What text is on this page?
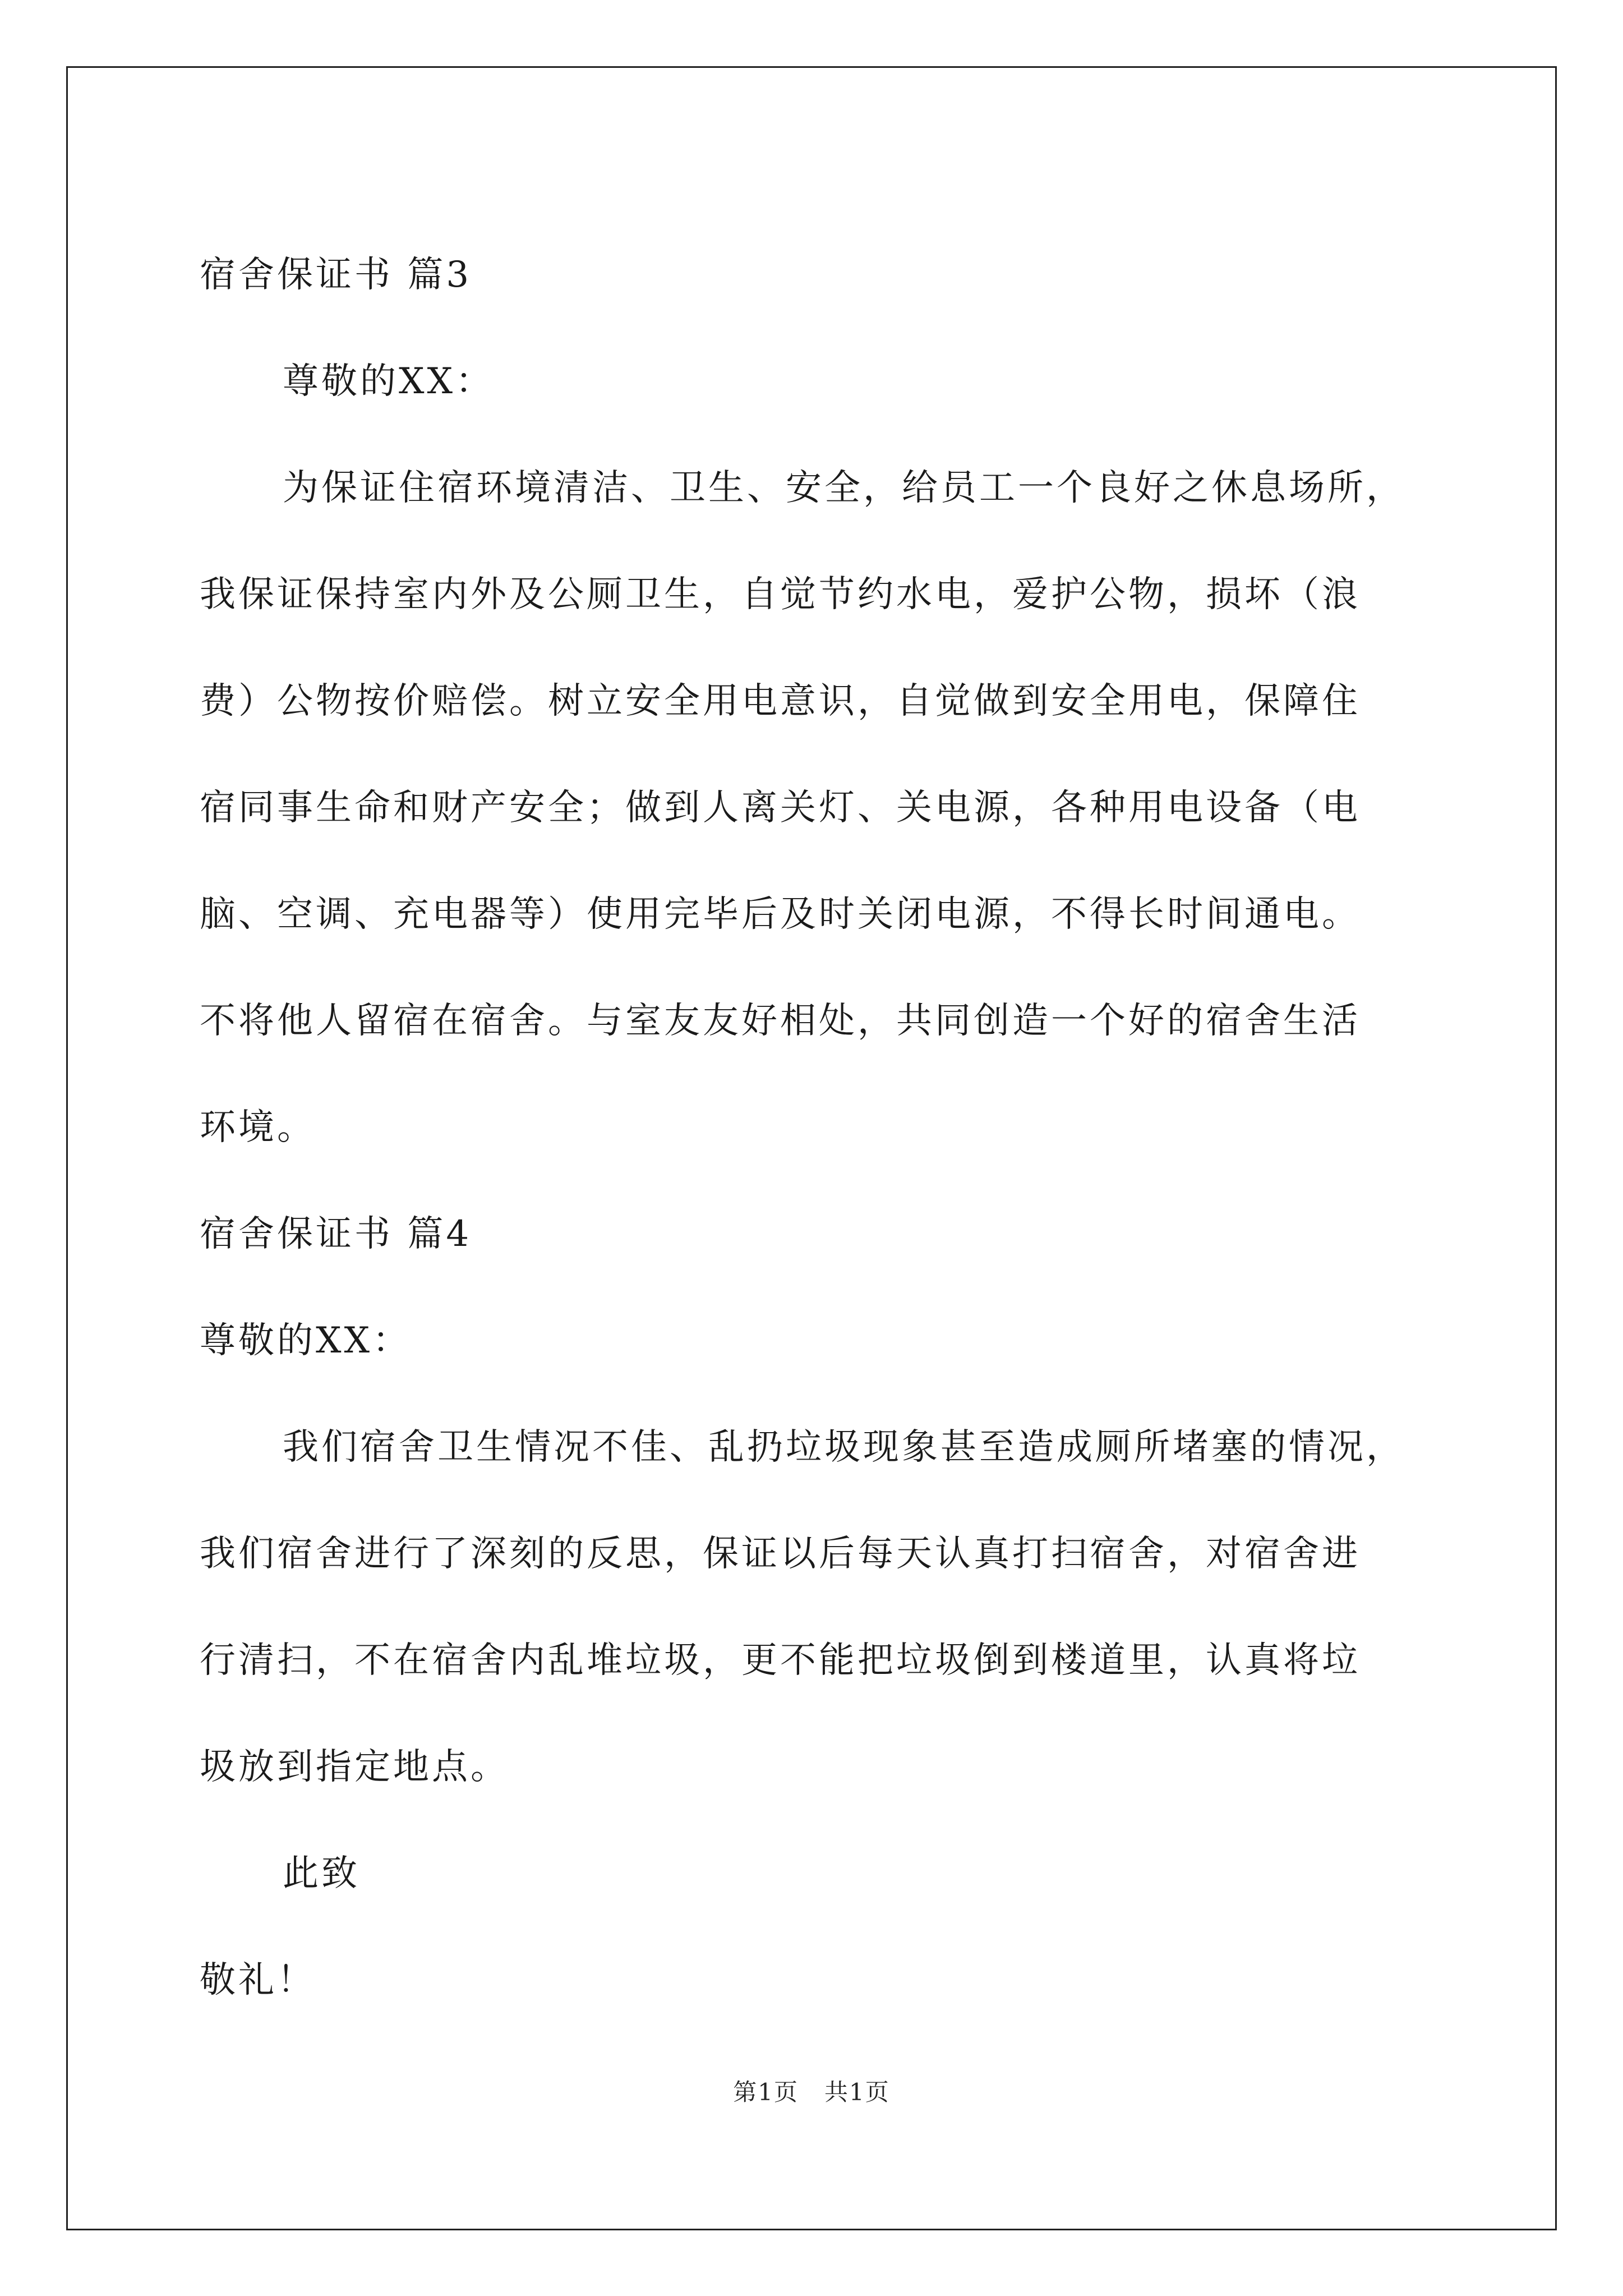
宿舍保证书 篇3
尊敬的XX：
为保证住宿环境清洁、卫生、安全，给员工一个良好之休息场所，
我保证保持室内外及公厕卫生，自觉节约水电，爱护公物，损坏（浪
费）公物按价赔偿。树立安全用电意识，自觉做到安全用电，保障住
宿同事生命和财产安全；做到人离关灯、关电源，各种用电设备（电
脑、空调、充电器等）使用完毕后及时关闭电源，不得长时间通电。
不将他人留宿在宿舍。与室友友好相处，共同创造一个好的宿舍生活
环境。
宿舍保证书 篇4
尊敬的XX：
我们宿舍卫生情况不佳、乱扔垃圾现象甚至造成厕所堵塞的情况，
我们宿舍进行了深刻的反思，保证以后每天认真打扫宿舍，对宿舍进
行清扫，不在宿舍内乱堆垃圾，更不能把垃圾倒到楼道里，认真将垃
圾放到指定地点。
此致
敬礼！
第1页 共1页
